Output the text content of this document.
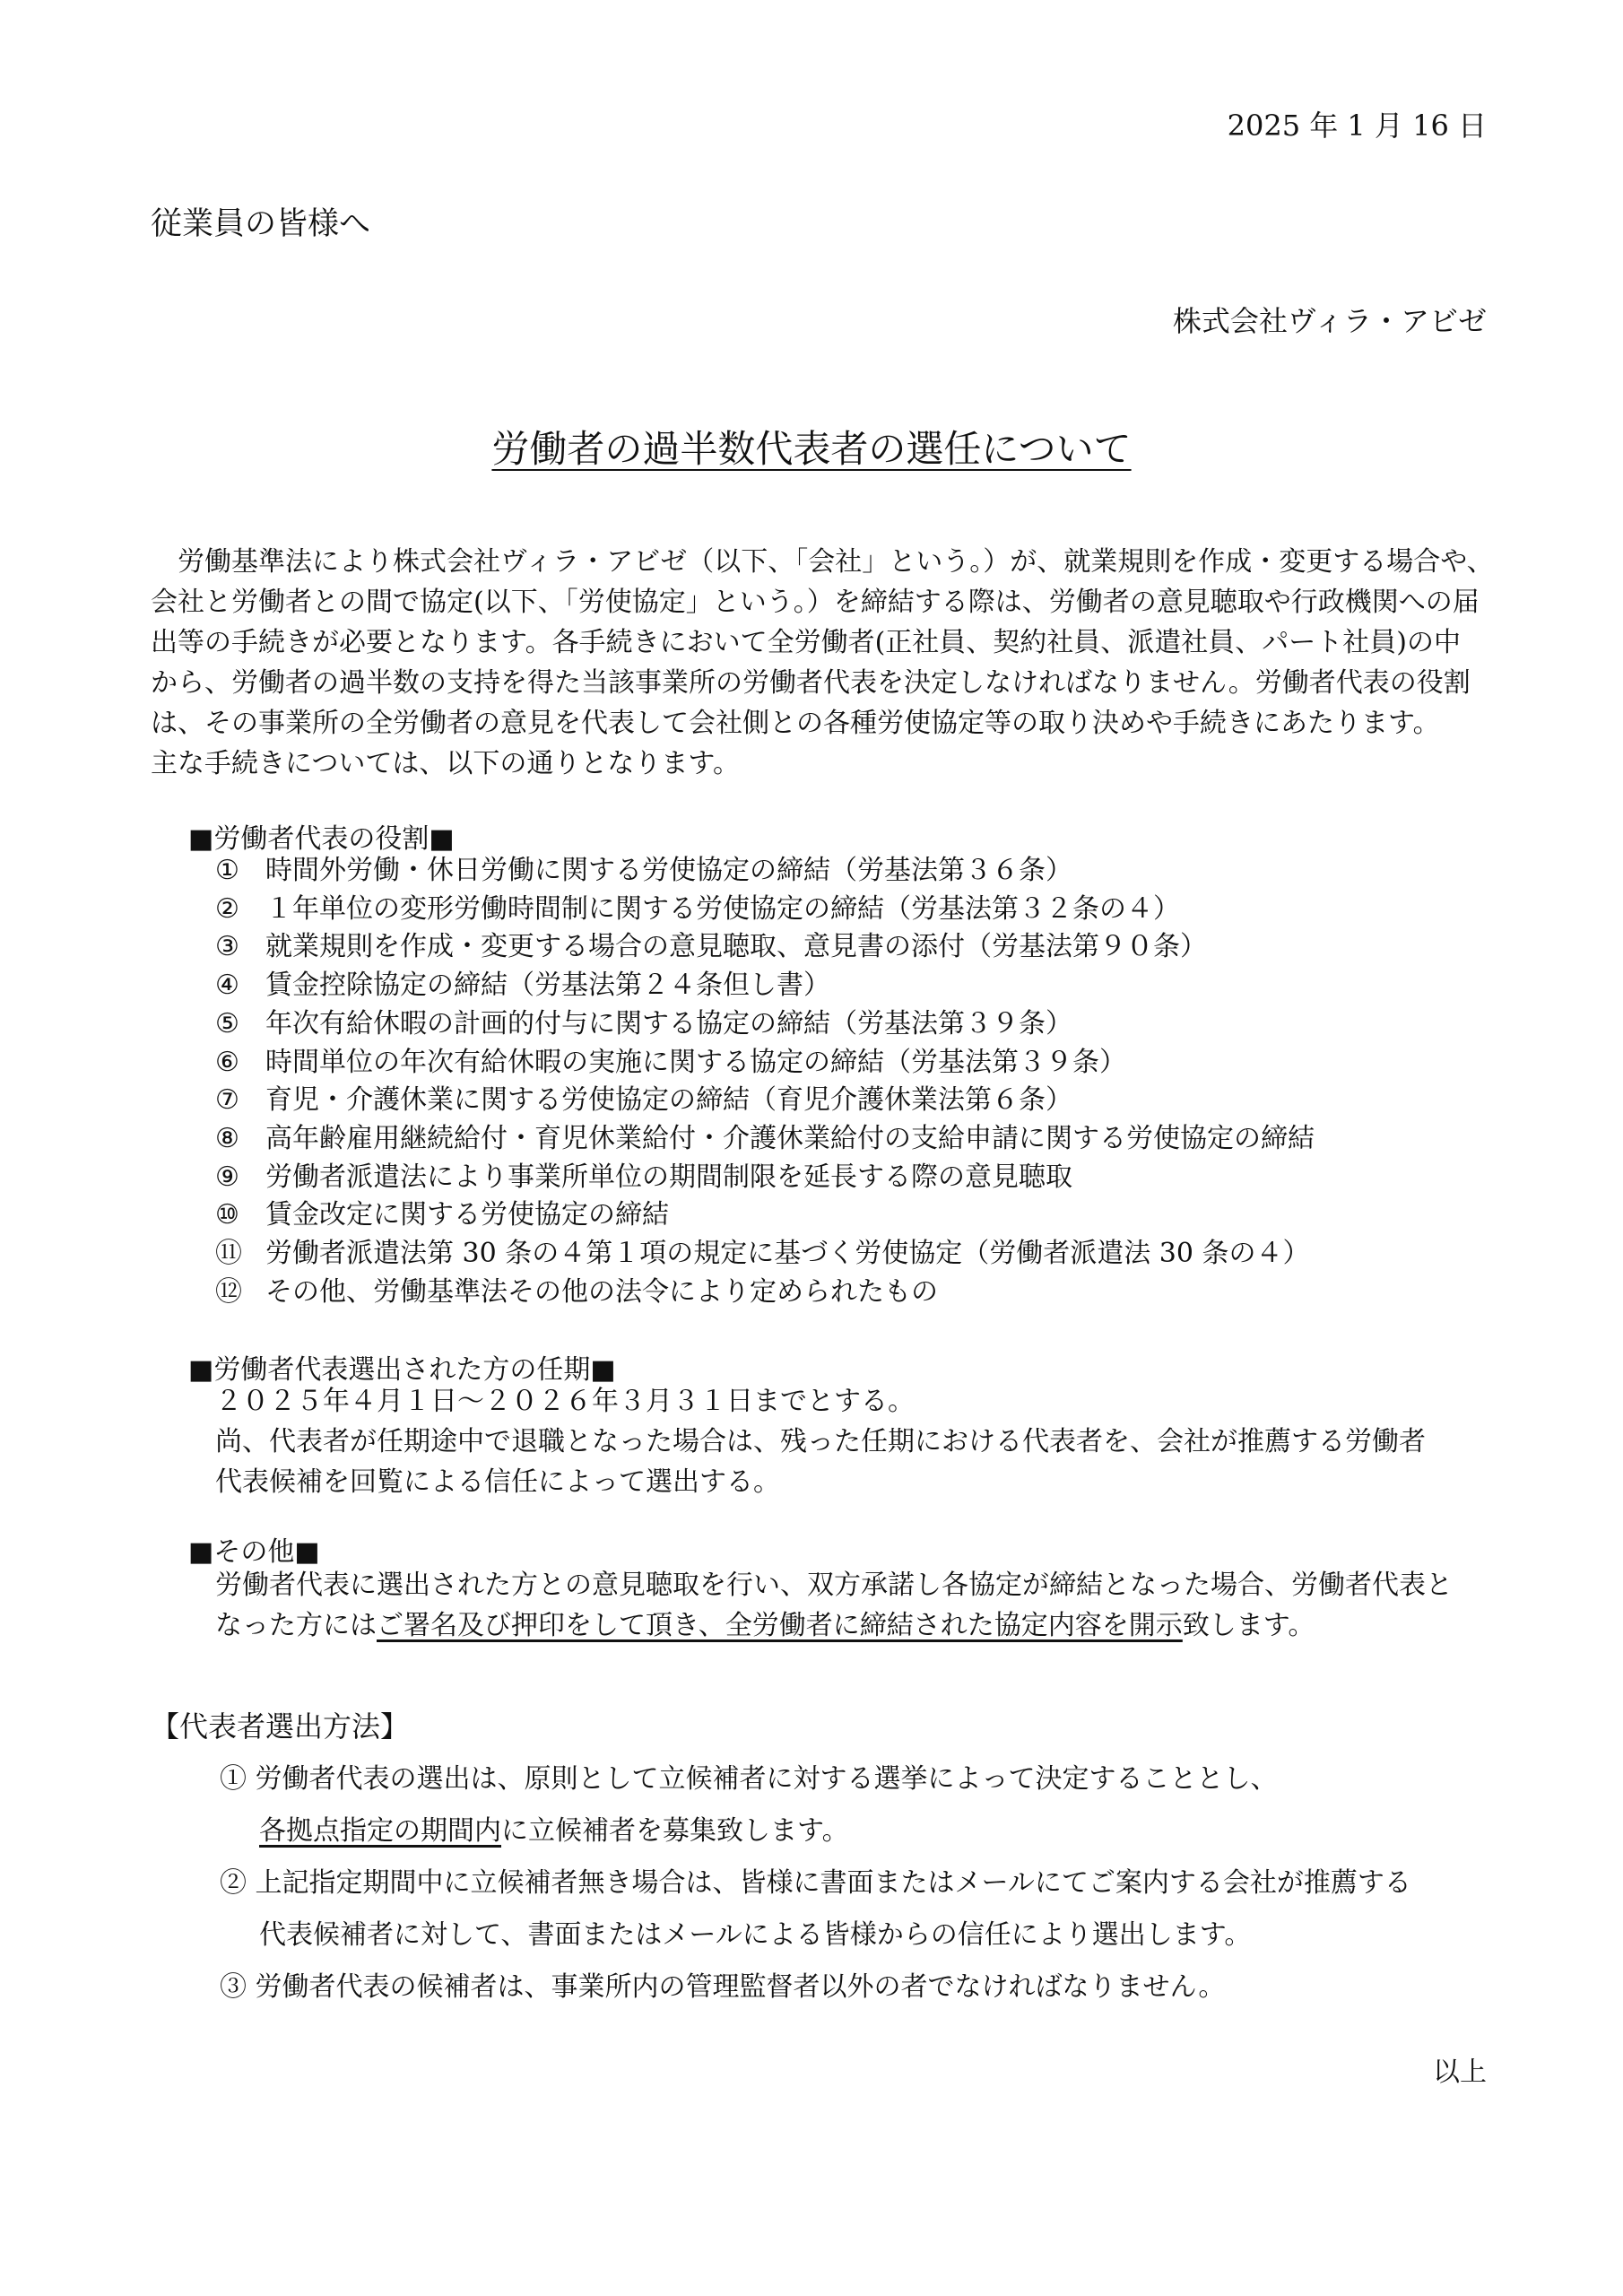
2025 年 1 月 16 日
従業員の皆様へ
株式会社ヴィラ・アビゼ
労働者の過半数代表者の選任について
　労働基準法により株式会社ヴィラ・アビゼ（以下、「会社」という。）が、就業規則を作成・変更する場合や、
会社と労働者との間で協定(以下、「労使協定」という。）を締結する際は、労働者の意見聴取や行政機関への届
出等の手続きが必要となります。各手続きにおいて全労働者(正社員、契約社員、派遣社員、パート社員)の中
から、労働者の過半数の支持を得た当該事業所の労働者代表を決定しなければなりません。労働者代表の役割
は、その事業所の全労働者の意見を代表して会社側との各種労使協定等の取り決めや手続きにあたります。
主な手続きについては、以下の通りとなります。
■労働者代表の役割■
① 時間外労働・休日労働に関する労使協定の締結（労基法第３６条）
② １年単位の変形労働時間制に関する労使協定の締結（労基法第３２条の４）
③ 就業規則を作成・変更する場合の意見聴取、意見書の添付（労基法第９０条）
④ 賃金控除協定の締結（労基法第２４条但し書）
⑤ 年次有給休暇の計画的付与に関する協定の締結（労基法第３９条）
⑥ 時間単位の年次有給休暇の実施に関する協定の締結（労基法第３９条）
⑦ 育児・介護休業に関する労使協定の締結（育児介護休業法第６条）
⑧ 高年齢雇用継続給付・育児休業給付・介護休業給付の支給申請に関する労使協定の締結
⑨ 労働者派遣法により事業所単位の期間制限を延長する際の意見聴取
⑩ 賃金改定に関する労使協定の締結
⑪ 労働者派遣法第 30 条の４第１項の規定に基づく労使協定（労働者派遣法 30 条の４）
⑫ その他、労働基準法その他の法令により定められたもの
■労働者代表選出された方の任期■
２０２５年４月１日～２０２６年３月３１日までとする。
尚、代表者が任期途中で退職となった場合は、残った任期における代表者を、会社が推薦する労働者
代表候補を回覧による信任によって選出する。
■その他■
労働者代表に選出された方との意見聴取を行い、双方承諾し各協定が締結となった場合、労働者代表と
なった方にはご署名及び押印をして頂き、全労働者に締結された協定内容を開示致します。
【代表者選出方法】
① 労働者代表の選出は、原則として立候補者に対する選挙によって決定することとし、
各拠点指定の期間内に立候補者を募集致します。
② 上記指定期間中に立候補者無き場合は、皆様に書面またはメールにてご案内する会社が推薦する
代表候補者に対して、書面またはメールによる皆様からの信任により選出します。
③ 労働者代表の候補者は、事業所内の管理監督者以外の者でなければなりません。
以上
